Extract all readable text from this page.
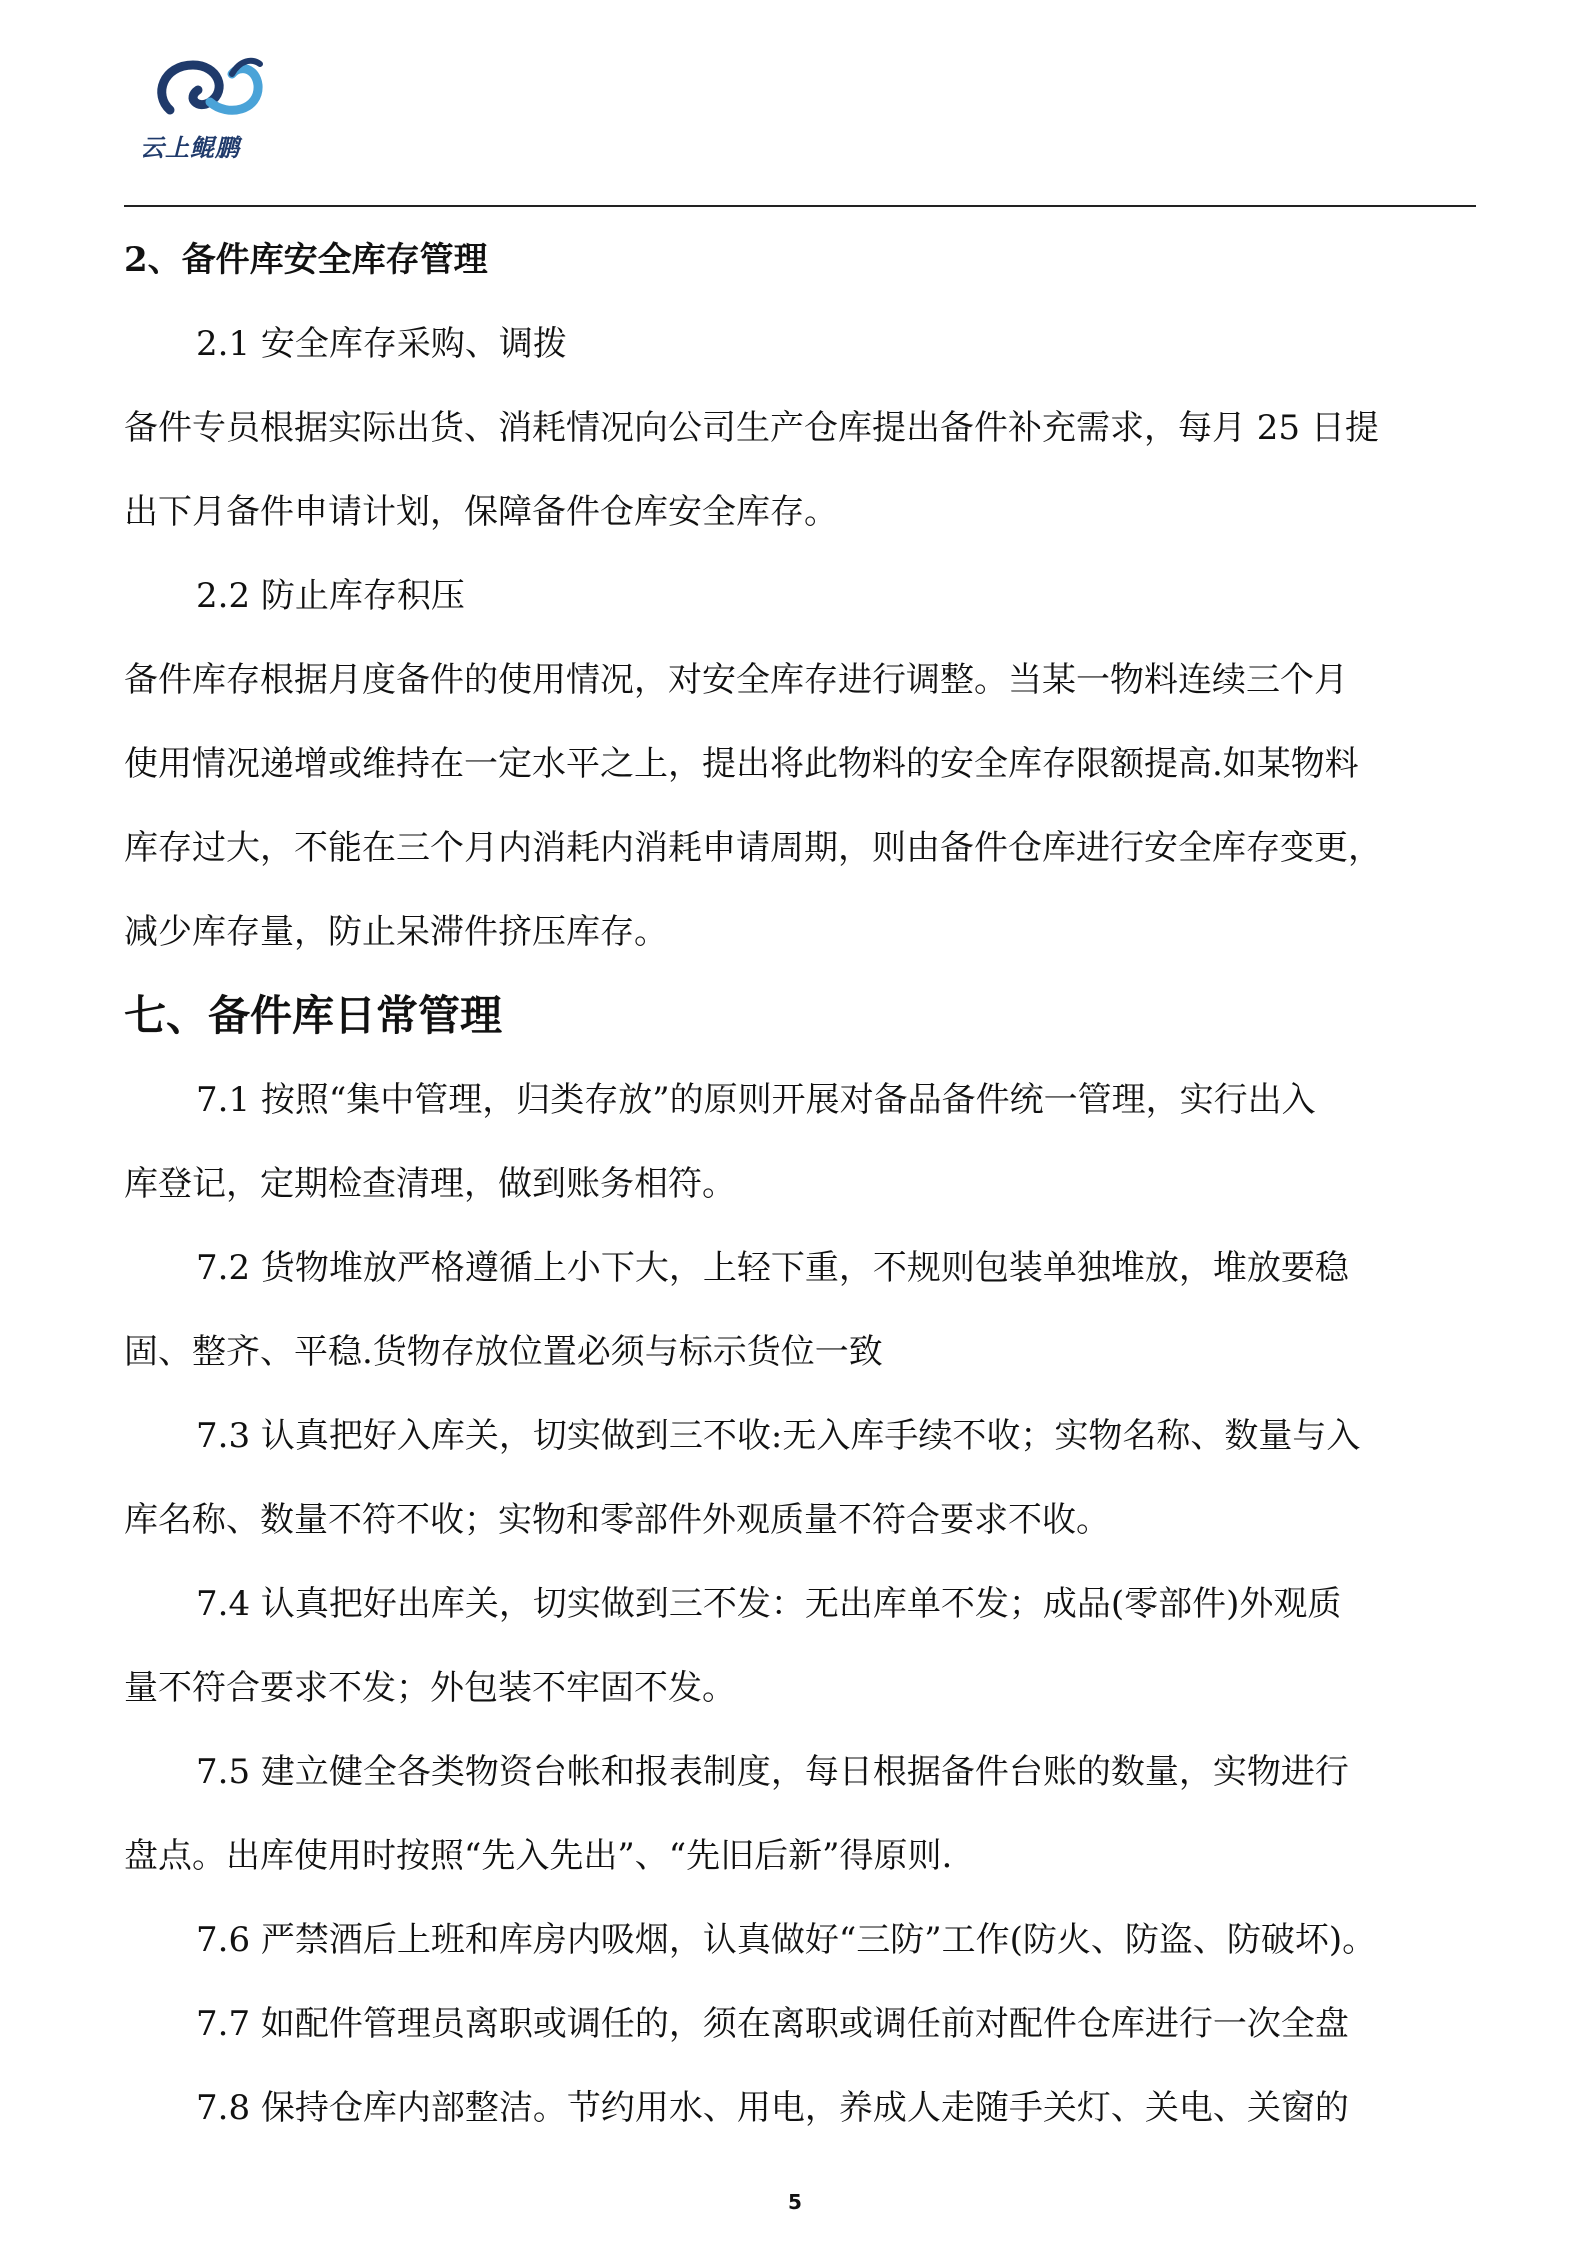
云上鲲鹏

2、备件库安全库存管理

2.1 安全库存采购、调拨

备件专员根据实际出货、消耗情况向公司生产仓库提出备件补充需求，每月 25 日提

出下月备件申请计划，保障备件仓库安全库存。

2.2 防止库存积压

备件库存根据月度备件的使用情况，对安全库存进行调整。当某一物料连续三个月

使用情况递增或维持在一定水平之上，提出将此物料的安全库存限额提高.如某物料

库存过大，不能在三个月内消耗内消耗申请周期，则由备件仓库进行安全库存变更，

减少库存量，防止呆滞件挤压库存。

七、备件库日常管理

7.1 按照“集中管理，归类存放”的原则开展对备品备件统一管理，实行出入

库登记，定期检查清理，做到账务相符。

7.2 货物堆放严格遵循上小下大，上轻下重，不规则包装单独堆放，堆放要稳

固、整齐、平稳.货物存放位置必须与标示货位一致

7.3 认真把好入库关，切实做到三不收:无入库手续不收；实物名称、数量与入

库名称、数量不符不收；实物和零部件外观质量不符合要求不收。

7.4 认真把好出库关，切实做到三不发：无出库单不发；成品(零部件)外观质

量不符合要求不发；外包装不牢固不发。

7.5 建立健全各类物资台帐和报表制度，每日根据备件台账的数量，实物进行

盘点。出库使用时按照“先入先出”、“先旧后新”得原则.

7.6 严禁酒后上班和库房内吸烟，认真做好“三防”工作(防火、防盗、防破坏)。

7.7 如配件管理员离职或调任的，须在离职或调任前对配件仓库进行一次全盘

7.8 保持仓库内部整洁。节约用水、用电，养成人走随手关灯、关电、关窗的

5
